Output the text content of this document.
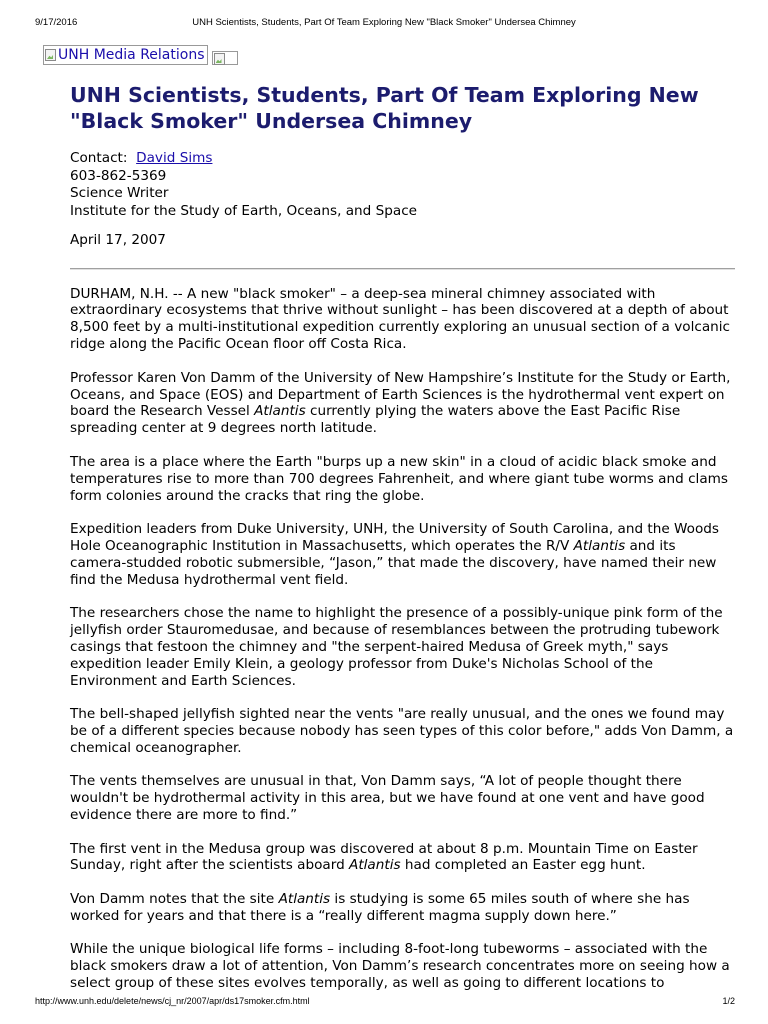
9/17/2016	UNH Scientists, Students, Part Of Team Exploring New "Black Smoker" Undersea Chimney
UNH Media Relations
UNH Scientists, Students, Part Of Team Exploring New "Black Smoker" Undersea Chimney
Contact: David Sims
603-862-5369
Science Writer
Institute for the Study of Earth, Oceans, and Space
April 17, 2007

DURHAM, N.H. -- A new "black smoker" – a deep-sea mineral chimney associated with extraordinary ecosystems that thrive without sunlight – has been discovered at a depth of about 8,500 feet by a multi-institutional expedition currently exploring an unusual section of a volcanic ridge along the Pacific Ocean floor off Costa Rica.

Professor Karen Von Damm of the University of New Hampshire’s Institute for the Study or Earth, Oceans, and Space (EOS) and Department of Earth Sciences is the hydrothermal vent expert on board the Research Vessel Atlantis currently plying the waters above the East Pacific Rise spreading center at 9 degrees north latitude.

The area is a place where the Earth "burps up a new skin" in a cloud of acidic black smoke and temperatures rise to more than 700 degrees Fahrenheit, and where giant tube worms and clams form colonies around the cracks that ring the globe.

Expedition leaders from Duke University, UNH, the University of South Carolina, and the Woods Hole Oceanographic Institution in Massachusetts, which operates the R/V Atlantis and its camera-studded robotic submersible, “Jason,” that made the discovery, have named their new find the Medusa hydrothermal vent field.

The researchers chose the name to highlight the presence of a possibly-unique pink form of the jellyfish order Stauromedusae, and because of resemblances between the protruding tubework casings that festoon the chimney and "the serpent-haired Medusa of Greek myth," says expedition leader Emily Klein, a geology professor from Duke's Nicholas School of the Environment and Earth Sciences.

The bell-shaped jellyfish sighted near the vents "are really unusual, and the ones we found may be of a different species because nobody has seen types of this color before," adds Von Damm, a chemical oceanographer.

The vents themselves are unusual in that, Von Damm says, “A lot of people thought there wouldn't be hydrothermal activity in this area, but we have found at one vent and have good evidence there are more to find.”

The first vent in the Medusa group was discovered at about 8 p.m. Mountain Time on Easter Sunday, right after the scientists aboard Atlantis had completed an Easter egg hunt.

Von Damm notes that the site Atlantis is studying is some 65 miles south of where she has worked for years and that there is a “really different magma supply down here.”

While the unique biological life forms – including 8-foot-long tubeworms – associated with the black smokers draw a lot of attention, Von Damm’s research concentrates more on seeing how a select group of these sites evolves temporally, as well as going to different locations to

http://www.unh.edu/delete/news/cj_nr/2007/apr/ds17smoker.cfm.html	1/2
